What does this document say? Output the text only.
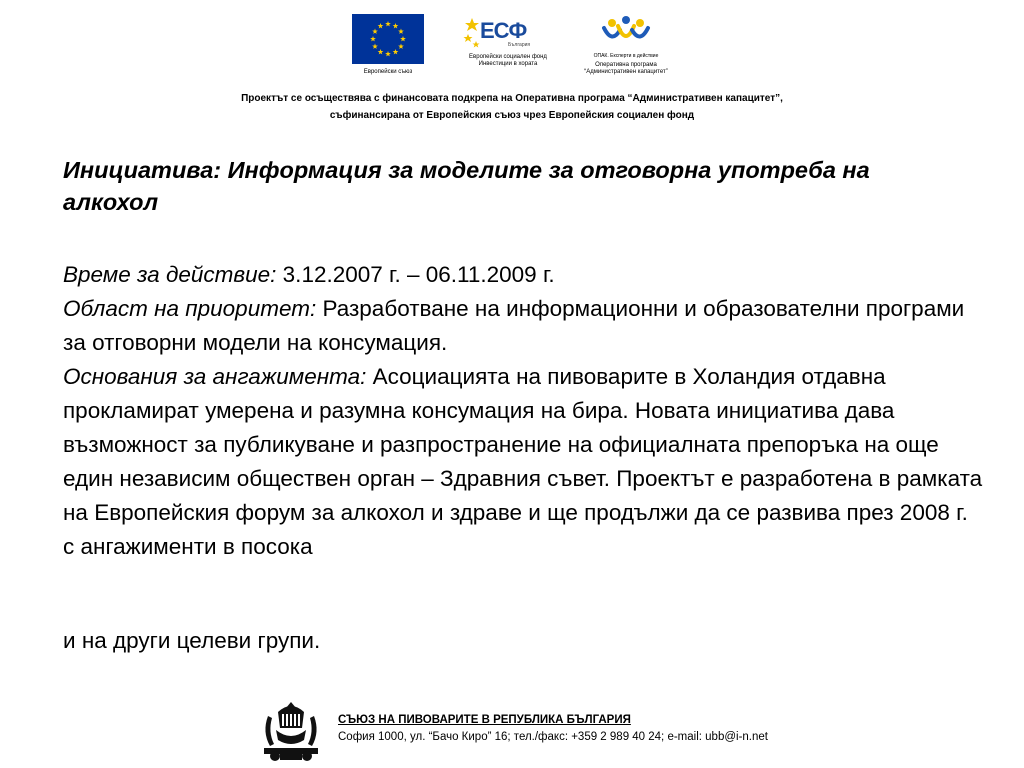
Европейски съюз
ЕСФ
България
Европейски социален фонд
Инвестиции в хората
ОПАК. Експерти в действие
Оперативна програма
“Административен капацитет”
Проектът се осъществява с финансовата подкрепа на Оперативна програма “Административен капацитет”,
съфинансирана от Европейския съюз чрез Европейския социален фонд
Инициатива: Информация за моделите за отговорна употреба на алкохол

Време за действие: 3.12.2007 г. – 06.11.2009 г.

Област на приоритет: Разработване на информационни и образователни програми за отговорни модели на консумация.

Основания за ангажимента: Асоциацията на пивоварите в Холандия отдавна прокламират умерена и разумна консумация на бира. Новата инициатива дава възможност за публикуване и разпространение на официалната препоръка на още един независим обществен орган – Здравния съвет. Проектът е разработена в рамката на Европейския форум за алкохол и здраве и ще продължи да се развива през 2008 г. с ангажименти в посока

и на други целеви групи.

СЪЮЗ НА ПИВОВАРИТЕ В РЕПУБЛИКА БЪЛГАРИЯ
София 1000, ул. “Бачо Киро” 16; тел./факс: +359 2 989 40 24; e-mail: ubb@i-n.net
